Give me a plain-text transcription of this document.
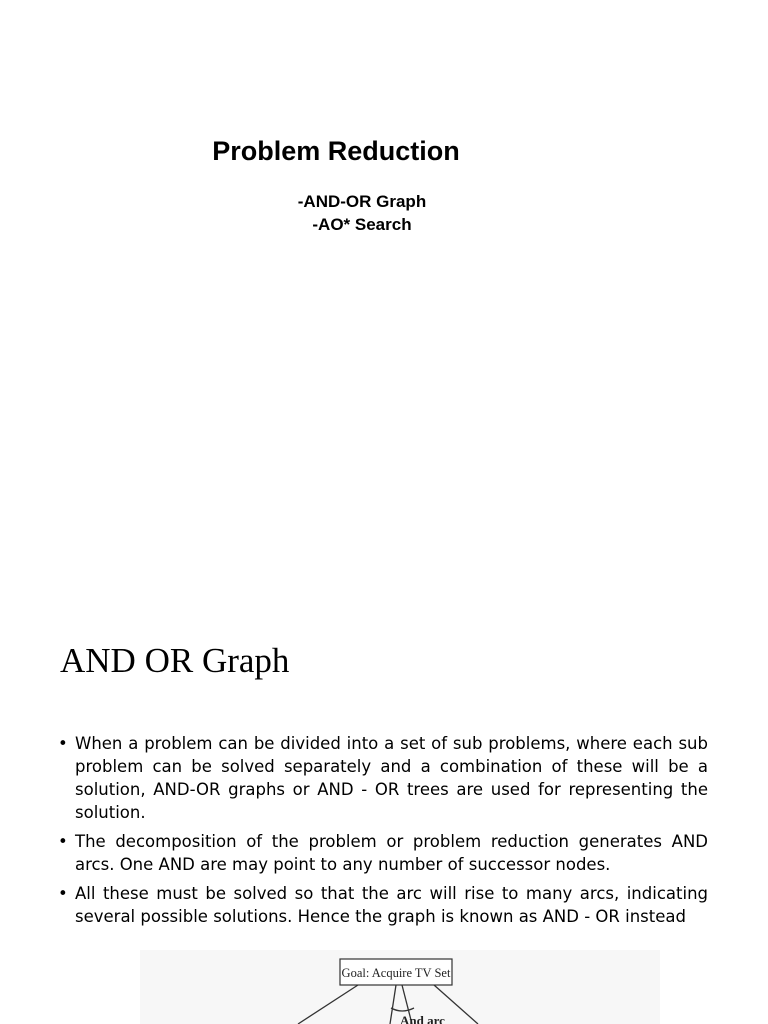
Problem Reduction
-AND-OR Graph
-AO* Search
AND OR Graph
• When a problem can be divided into a set of sub problems, where each sub problem can be solved separately and a combination of these will be a solution, AND-OR graphs or AND - OR trees are used for representing the solution.
• The decomposition of the problem or problem reduction generates AND arcs. One AND are may point to any number of successor nodes.
• All these must be solved so that the arc will rise to many arcs, indicating several possible solutions. Hence the graph is known as AND - OR instead
Goal: Acquire TV Set
And arc
